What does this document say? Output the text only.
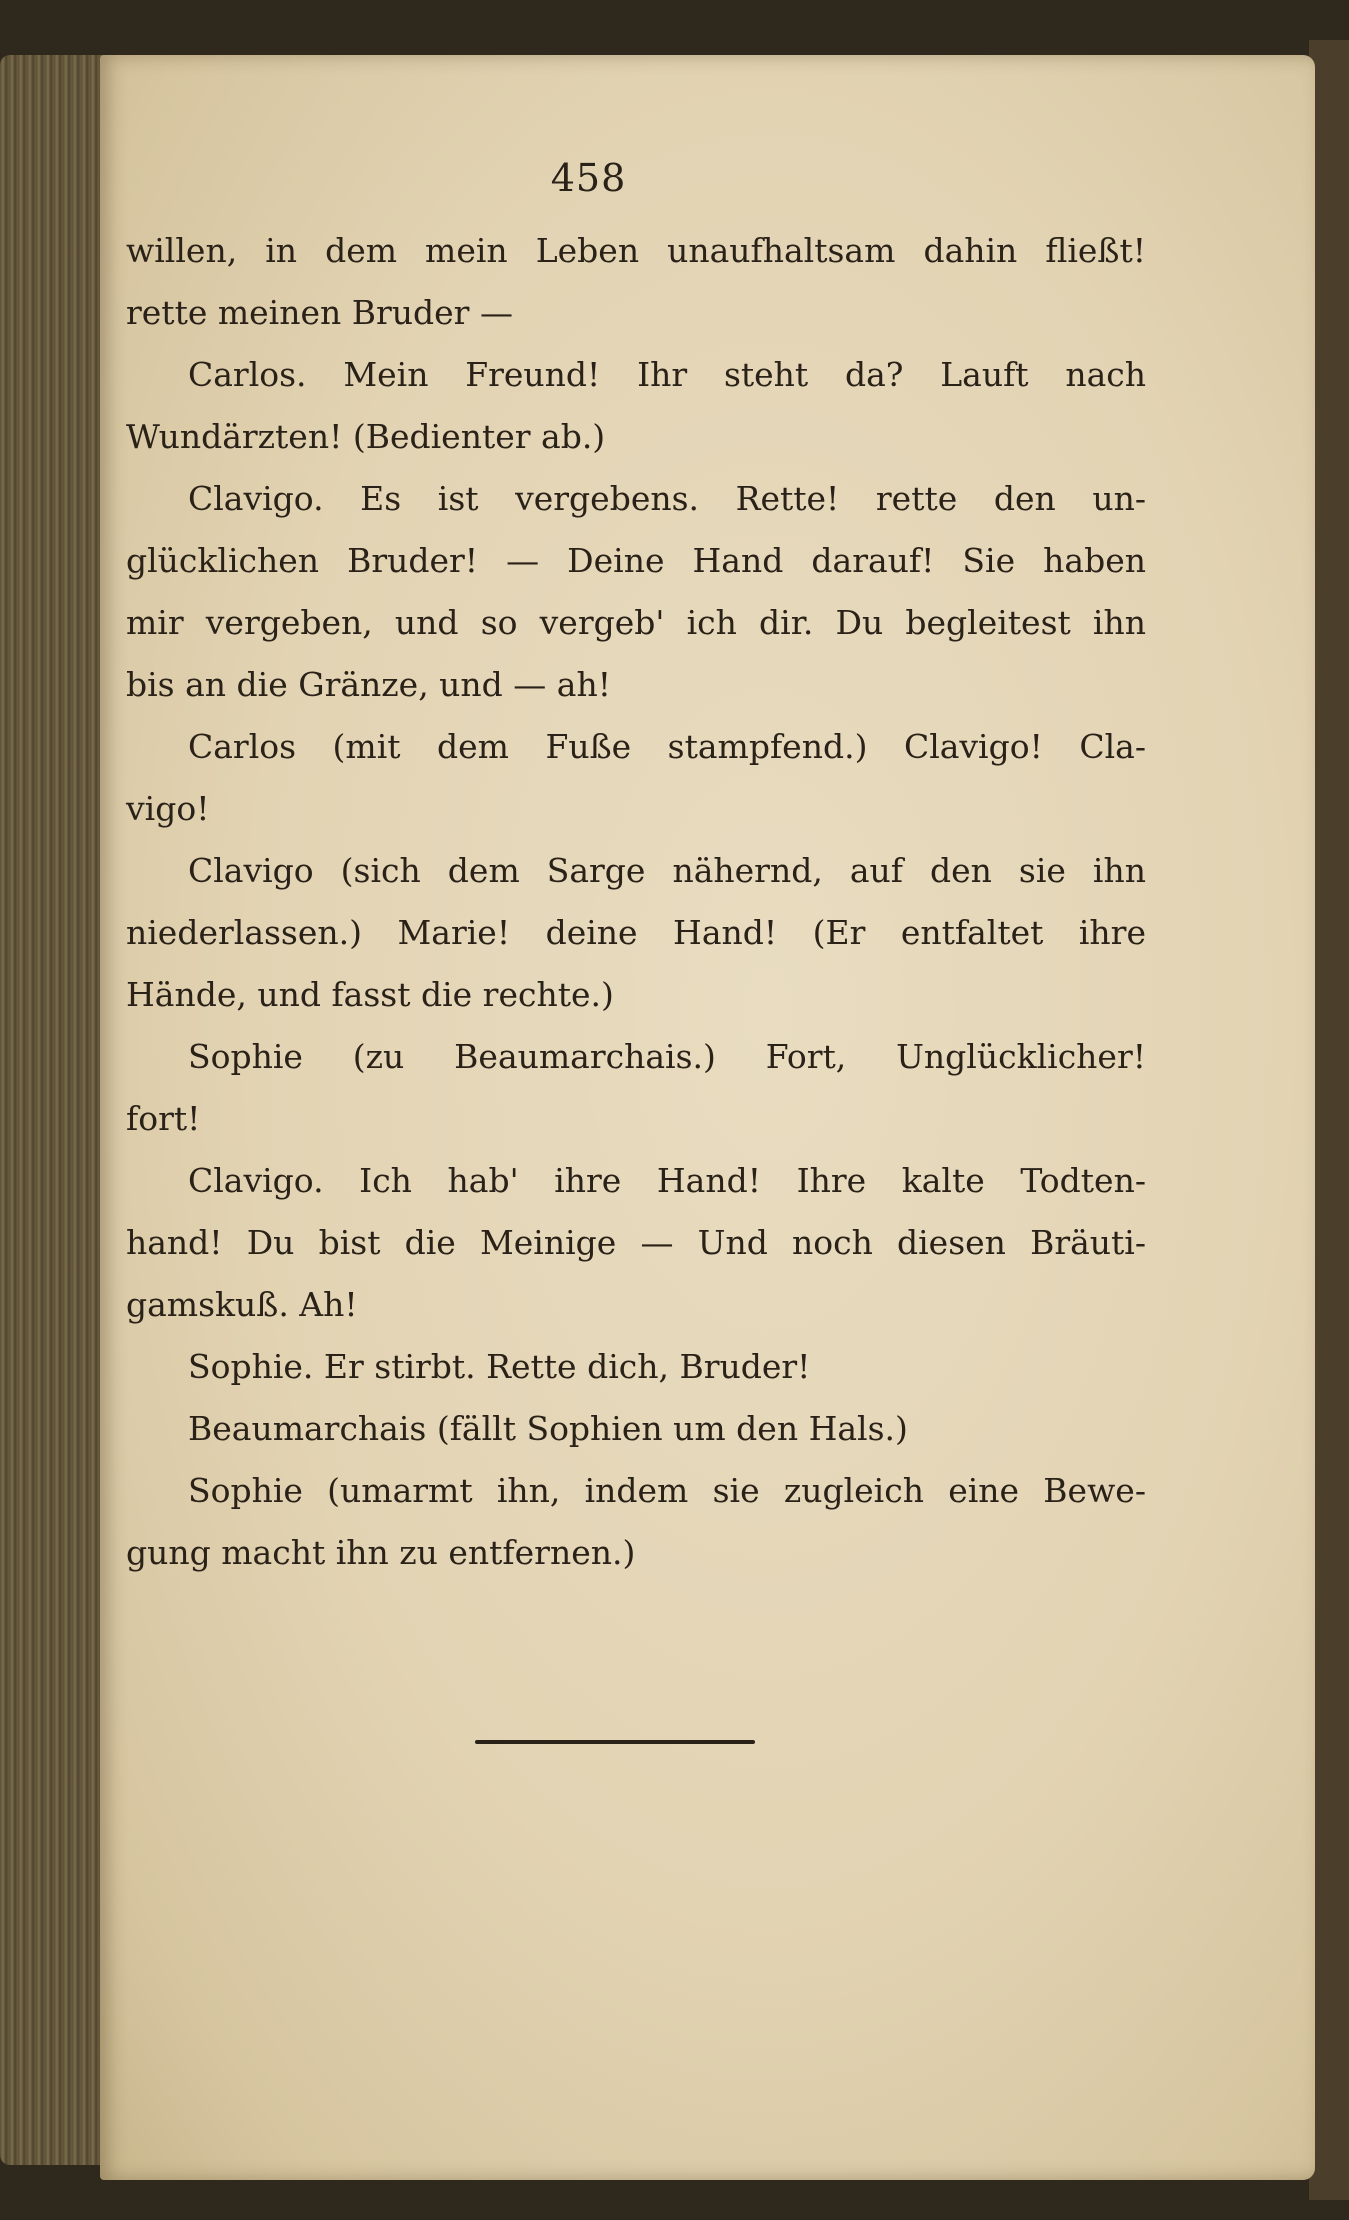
458
willen, in dem mein Leben unaufhaltsam dahin fließt!
rette meinen Bruder —
Carlos. Mein Freund! Ihr steht da? Lauft nach
Wundärzten! (Bedienter ab.)
Clavigo. Es ist vergebens. Rette! rette den un-
glücklichen Bruder! — Deine Hand darauf! Sie haben
mir vergeben, und so vergeb' ich dir. Du begleitest ihn
bis an die Gränze, und — ah!
Carlos (mit dem Fuße stampfend.) Clavigo! Cla-
vigo!
Clavigo (sich dem Sarge nähernd, auf den sie ihn
niederlassen.) Marie! deine Hand! (Er entfaltet ihre
Hände, und fasst die rechte.)
Sophie (zu Beaumarchais.) Fort, Unglücklicher!
fort!
Clavigo. Ich hab' ihre Hand! Ihre kalte Todten-
hand! Du bist die Meinige — Und noch diesen Bräuti-
gamskuß. Ah!
Sophie. Er stirbt. Rette dich, Bruder!
Beaumarchais (fällt Sophien um den Hals.)
Sophie (umarmt ihn, indem sie zugleich eine Bewe-
gung macht ihn zu entfernen.)
